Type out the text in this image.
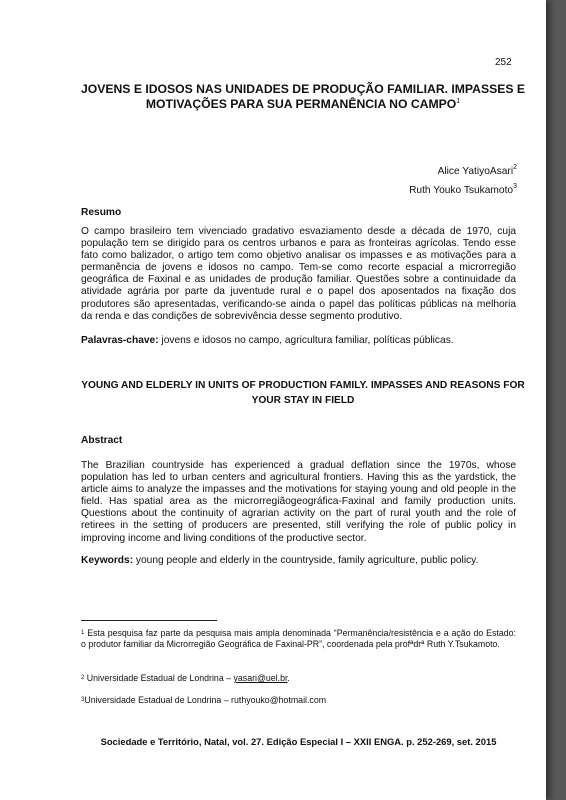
252
JOVENS E IDOSOS NAS UNIDADES DE PRODUÇÃO FAMILIAR. IMPASSES E MOTIVAÇÕES PARA SUA PERMANÊNCIA NO CAMPO$^1$
Alice YatiyoAsari$^2$
Ruth Youko Tsukamoto$^3$
Resumo
O campo brasileiro tem vivenciado gradativo esvaziamento desde a década de 1970, cuja população tem se dirigido para os centros urbanos e para as fronteiras agrícolas. Tendo esse fato como balizador, o artigo tem como objetivo analisar os impasses e as motivações para a permanência de jovens e idosos no campo. Tem-se como recorte espacial a microrregião geográfica de Faxinal e as unidades de produção familiar. Questões sobre a continuidade da atividade agrária por parte da juventude rural e o papel dos aposentados na fixação dos produtores são apresentadas, verificando-se ainda o papel das políticas públicas na melhoria da renda e das condições de sobrevivência desse segmento produtivo.
Palavras-chave: jovens e idosos no campo, agricultura familiar, políticas públicas.
YOUNG AND ELDERLY IN UNITS OF PRODUCTION FAMILY. IMPASSES AND REASONS FOR YOUR STAY IN FIELD
Abstract
The Brazilian countryside has experienced a gradual deflation since the 1970s, whose population has led to urban centers and agricultural frontiers. Having this as the yardstick, the article aims to analyze the impasses and the motivations for staying young and old people in the field. Has spatial area as the microrregiãogeográfica-Faxinal and family production units. Questions about the continuity of agrarian activity on the part of rural youth and the role of retirees in the setting of producers are presented, still verifying the role of public policy in improving income and living conditions of the productive sector.
Keywords: young people and elderly in the countryside, family agriculture, public policy.
$^1$ Esta pesquisa faz parte da pesquisa mais ampla denominada “Permanência/resistência e a ação do Estado: o produtor familiar da Microrregião Geográfica de Faxinal-PR”, coordenada pela profªdrª Ruth Y.Tsukamoto.
$^2$ Universidade Estadual de Londrina – yasari@uel.br.
$^3$Universidade Estadual de Londrina – ruthyouko@hotmail.com
Sociedade e Território, Natal, vol. 27. Edição Especial I – XXII ENGA. p. 252-269, set. 2015
